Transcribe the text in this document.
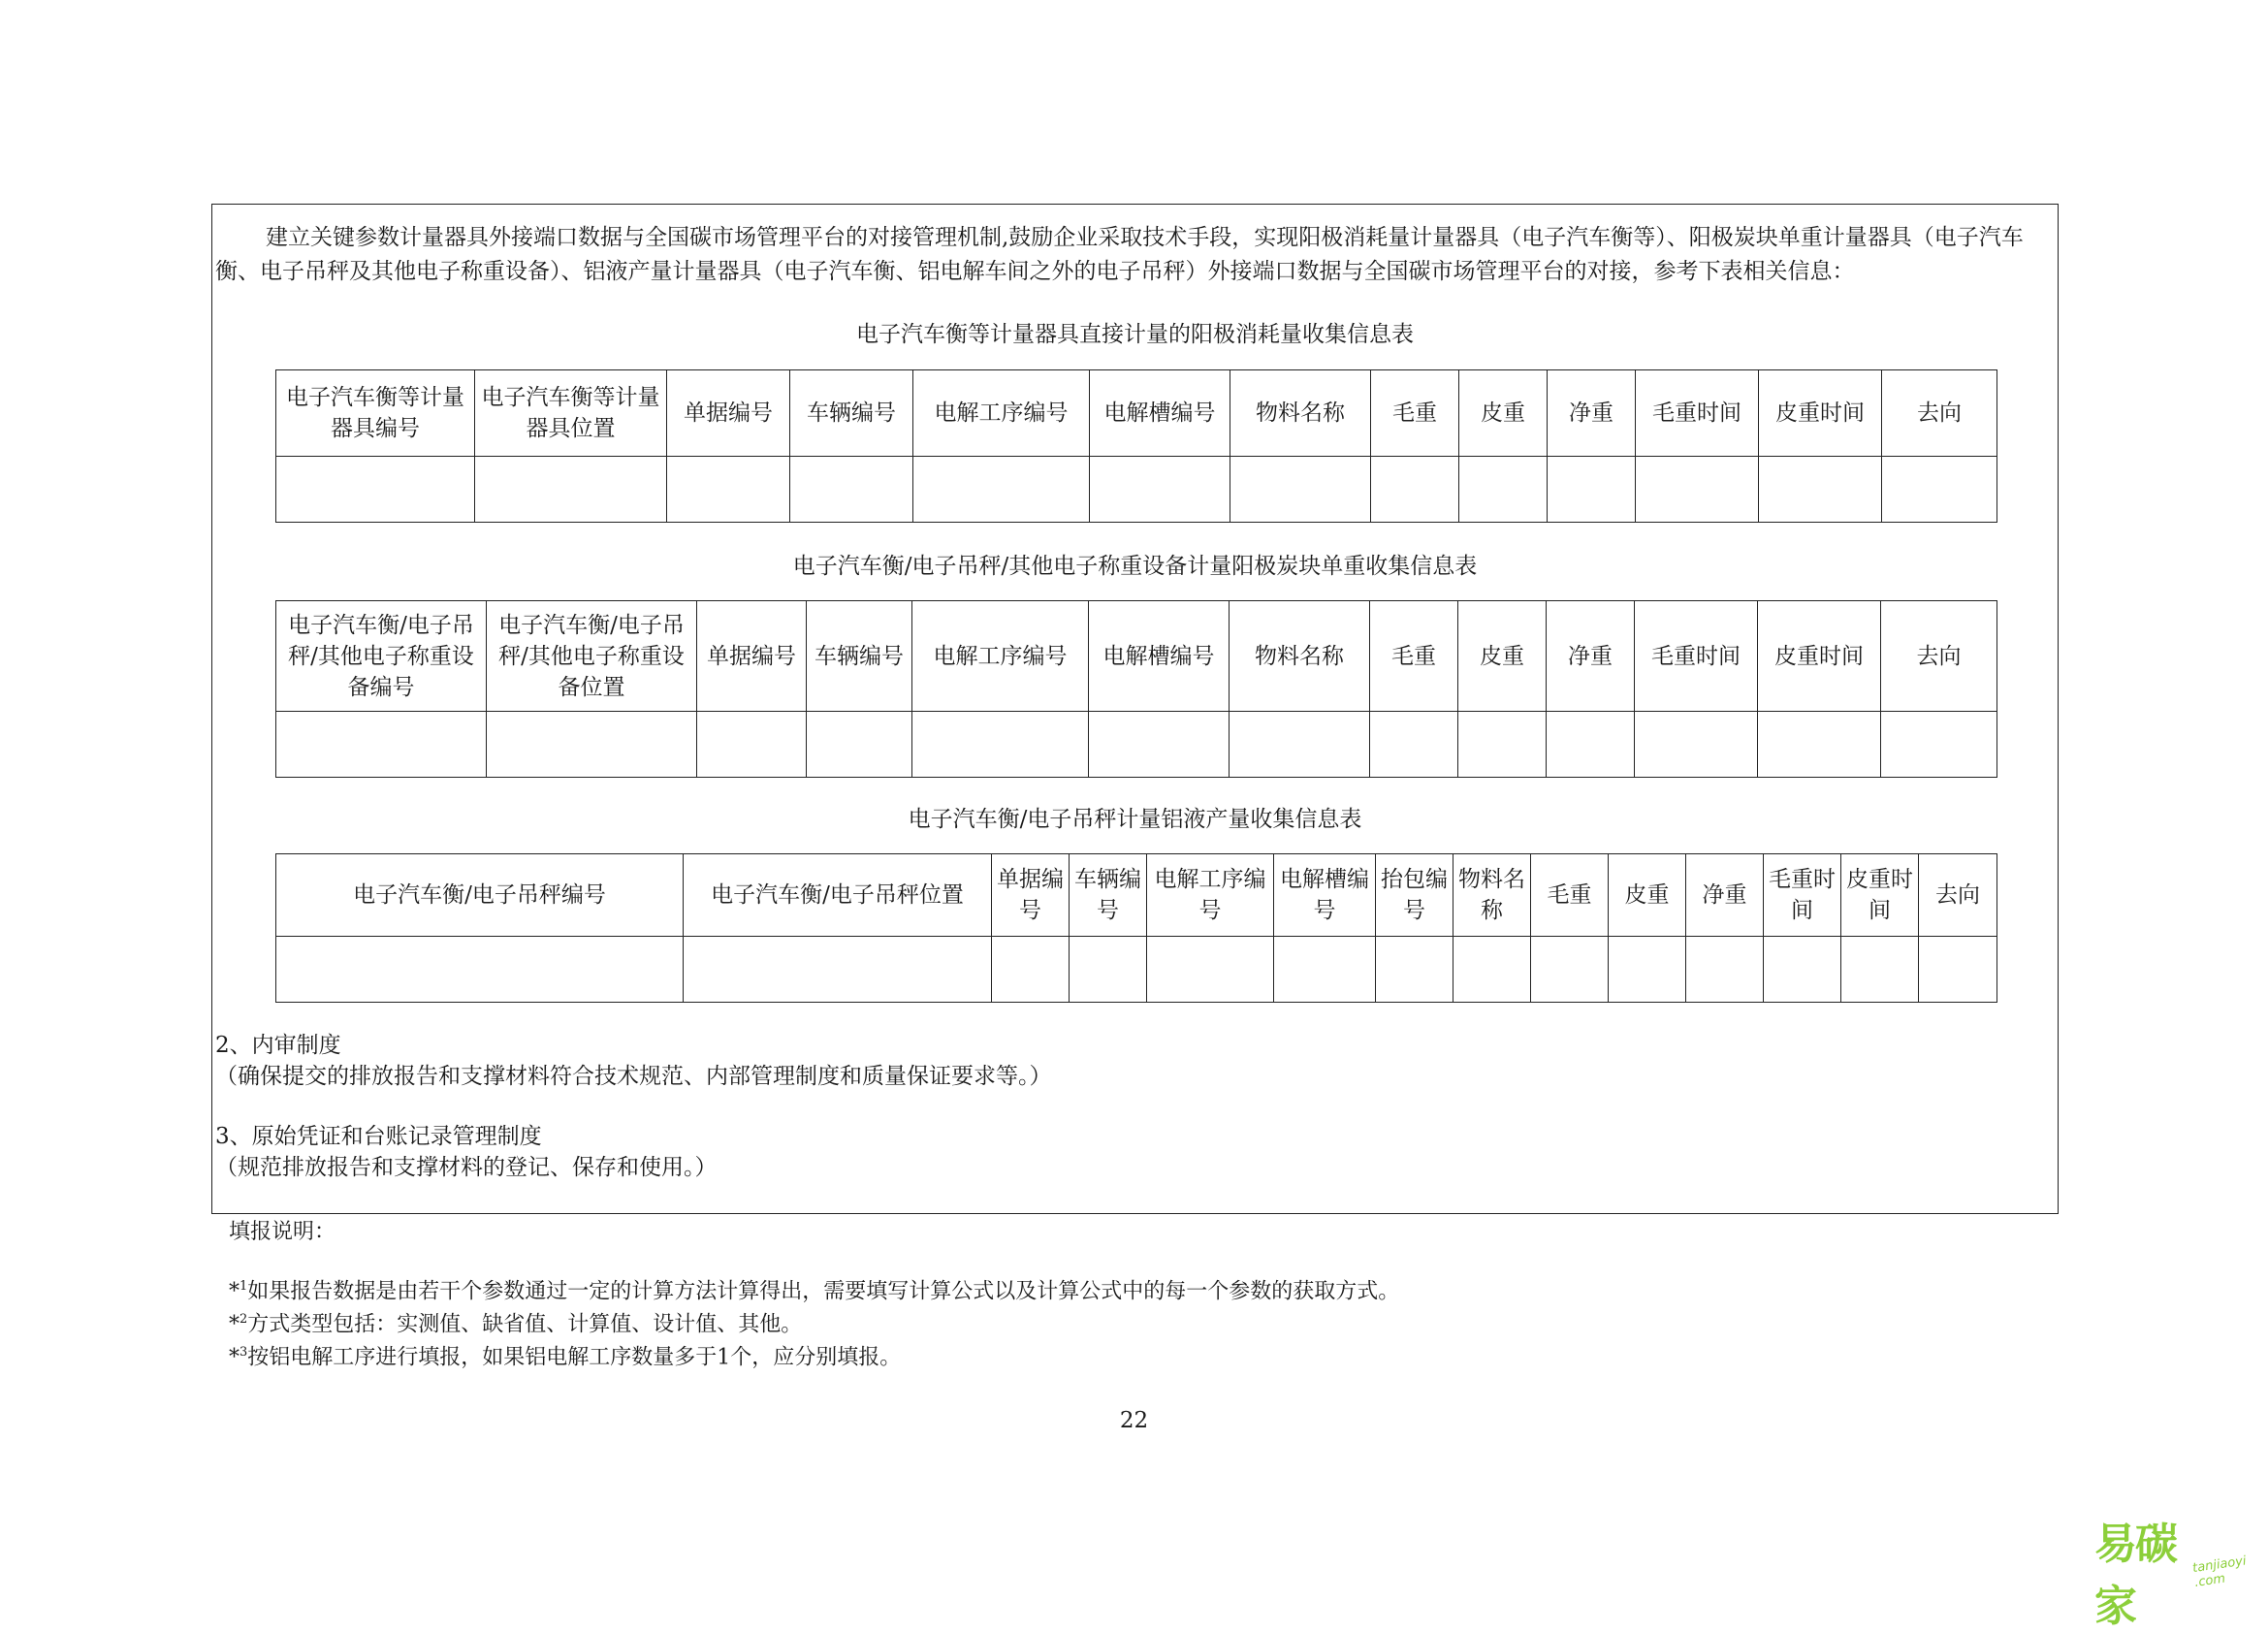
建立关键参数计量器具外接端口数据与全国碳市场管理平台的对接管理机制,鼓励企业采取技术手段，实现阳极消耗量计量器具（电子汽车衡等）、阳极炭块单重计量器具（电子汽车衡、电子吊秤及其他电子称重设备）、铝液产量计量器具（电子汽车衡、铝电解车间之外的电子吊秤）外接端口数据与全国碳市场管理平台的对接，参考下表相关信息：

电子汽车衡等计量器具直接计量的阳极消耗量收集信息表
电子汽车衡等计量器具编号	电子汽车衡等计量器具位置	单据编号	车辆编号	电解工序编号	电解槽编号	物料名称	毛重	皮重	净重	毛重时间	皮重时间	去向

电子汽车衡/电子吊秤/其他电子称重设备计量阳极炭块单重收集信息表
电子汽车衡/电子吊秤/其他电子称重设备编号	电子汽车衡/电子吊秤/其他电子称重设备位置	单据编号	车辆编号	电解工序编号	电解槽编号	物料名称	毛重	皮重	净重	毛重时间	皮重时间	去向

电子汽车衡/电子吊秤计量铝液产量收集信息表
电子汽车衡/电子吊秤编号	电子汽车衡/电子吊秤位置	单据编号	车辆编号	电解工序编号	电解槽编号	抬包编号	物料名称	毛重	皮重	净重	毛重时间	皮重时间	去向

2、内审制度
（确保提交的排放报告和支撑材料符合技术规范、内部管理制度和质量保证要求等。）
3、原始凭证和台账记录管理制度
（规范排放报告和支撑材料的登记、保存和使用。）
填报说明：
*$^1$如果报告数据是由若干个参数通过一定的计算方法计算得出，需要填写计算公式以及计算公式中的每一个参数的获取方式。
*$^2$方式类型包括：实测值、缺省值、计算值、设计值、其他。
*$^3$按铝电解工序进行填报，如果铝电解工序数量多于1个，应分别填报。
22
易碳家
tanjiaoyi .com
